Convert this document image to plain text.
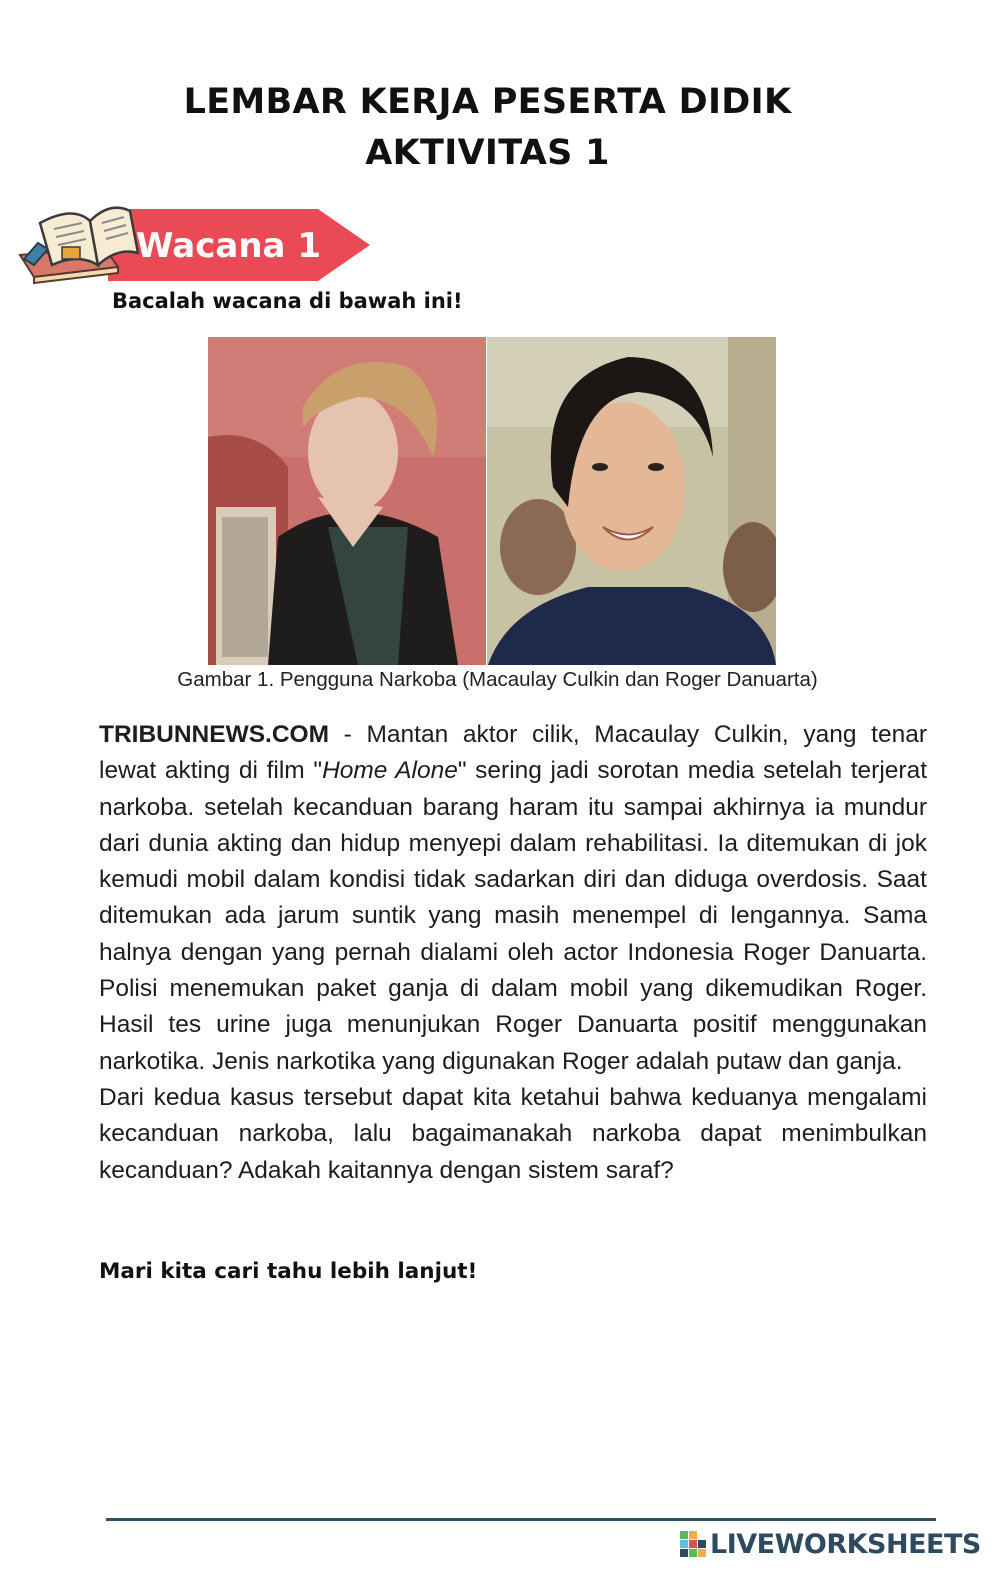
LEMBAR KERJA PESERTA DIDIK
AKTIVITAS 1
Wacana 1
Bacalah wacana di bawah ini!
Gambar 1. Pengguna Narkoba (Macaulay Culkin dan Roger Danuarta)

TRIBUNNEWS.COM - Mantan aktor cilik, Macaulay Culkin, yang tenar lewat akting di film "Home Alone" sering jadi sorotan media setelah terjerat narkoba. setelah kecanduan barang haram itu sampai akhirnya ia mundur dari dunia akting dan hidup menyepi dalam rehabilitasi. Ia ditemukan di jok kemudi mobil dalam kondisi tidak sadarkan diri dan diduga overdosis. Saat ditemukan ada jarum suntik yang masih menempel di lengannya. Sama halnya dengan yang pernah dialami oleh actor Indonesia Roger Danuarta. Polisi menemukan paket ganja di dalam mobil yang dikemudikan Roger. Hasil tes urine juga menunjukan Roger Danuarta positif menggunakan narkotika. Jenis narkotika yang digunakan Roger adalah putaw dan ganja.

Dari kedua kasus tersebut dapat kita ketahui bahwa keduanya mengalami kecanduan narkoba, lalu bagaimanakah narkoba dapat menimbulkan kecanduan? Adakah kaitannya dengan sistem saraf?

Mari kita cari tahu lebih lanjut!
LIVEWORKSHEETS
